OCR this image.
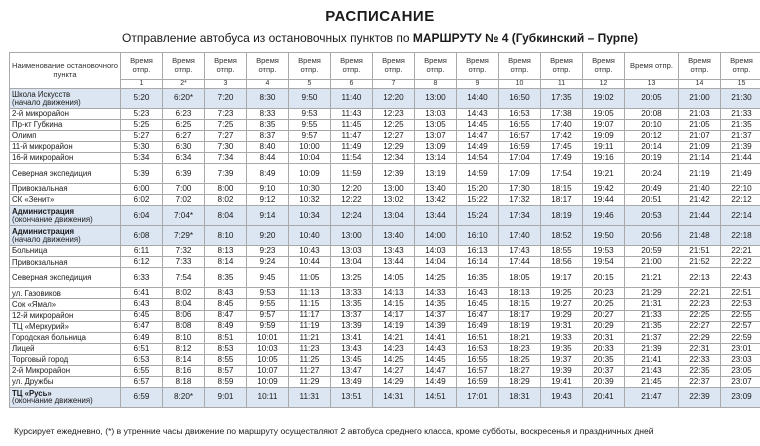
РАСПИСАНИЕ
Отправление автобуса из остановочных пунктов по МАРШРУТУ № 4 (Губкинский – Пурпе)
Наименование остановочного пункта	Время отпр.	Время отпр.	Время отпр.	Время отпр.	Время отпр.	Время отпр.	Время отпр.	Время отпр.	Время отпр.	Время отпр.	Время отпр.	Время отпр.	Время отпр.	Время отпр.	Время отпр.
	1	2*	3	4	5	6	7	8	9	10	11	12	13	14	15
Школа Искусств
(начало движения)	5:20	6:20*	7:20	8:30	9:50	11:40	12:20	13:00	14:40	16:50	17:35	19:02	20:05	21:00	21:30
2-й микрорайон	5:23	6:23	7:23	8:33	9:53	11:43	12:23	13:03	14:43	16:53	17:38	19:05	20:08	21:03	21:33
Пр-кт Губкина	5:25	6:25	7:25	8:35	9:55	11:45	12:25	13:05	14:45	16:55	17:40	19:07	20:10	21:05	21:35
Олимп	5:27	6:27	7:27	8:37	9:57	11:47	12:27	13:07	14:47	16:57	17:42	19:09	20:12	21:07	21:37
11-й микрорайон	5:30	6:30	7:30	8:40	10:00	11:49	12:29	13:09	14:49	16:59	17:45	19:11	20:14	21:09	21:39
16-й микрорайон	5:34	6:34	7:34	8:44	10:04	11:54	12:34	13:14	14:54	17:04	17:49	19:16	20:19	21:14	21:44
Северная экспедиция	5:39	6:39	7:39	8:49	10:09	11:59	12:39	13:19	14:59	17:09	17:54	19:21	20:24	21:19	21:49
Привокзальная	6:00	7:00	8:00	9:10	10:30	12:20	13:00	13:40	15:20	17:30	18:15	19:42	20:49	21:40	22:10
СК «Зенит»	6:02	7:02	8:02	9:12	10:32	12:22	13:02	13:42	15:22	17:32	18:17	19:44	20:51	21:42	22:12
Администрация
(окончание движения)	6:04	7:04*	8:04	9:14	10:34	12:24	13:04	13:44	15:24	17:34	18:19	19:46	20:53	21:44	22:14
Администрация
(начало движения)	6:08	7:29*	8:10	9:20	10:40	13:00	13:40	14:00	16:10	17:40	18:52	19:50	20:56	21:48	22:18
Больница	6:11	7:32	8:13	9:23	10:43	13:03	13:43	14:03	16:13	17:43	18:55	19:53	20:59	21:51	22:21
Привокзальная	6:12	7:33	8:14	9:24	10:44	13:04	13:44	14:04	16:14	17:44	18:56	19:54	21:00	21:52	22:22
Северная экспедиция	6:33	7:54	8:35	9:45	11:05	13:25	14:05	14:25	16:35	18:05	19:17	20:15	21:21	22:13	22:43
ул. Газовиков	6:41	8:02	8:43	9:53	11:13	13:33	14:13	14:33	16:43	18:13	19:25	20:23	21:29	22:21	22:51
Сок «Ямал»	6:43	8:04	8:45	9:55	11:15	13:35	14:15	14:35	16:45	18:15	19:27	20:25	21:31	22:23	22:53
12-й микрорайон	6:45	8:06	8:47	9:57	11:17	13:37	14:17	14:37	16:47	18:17	19:29	20:27	21:33	22:25	22:55
ТЦ «Меркурий»	6:47	8:08	8:49	9:59	11:19	13:39	14:19	14:39	16:49	18:19	19:31	20:29	21:35	22:27	22:57
Городская больница	6:49	8:10	8:51	10:01	11:21	13:41	14:21	14:41	16:51	18:21	19:33	20:31	21:37	22:29	22:59
Лицей	6:51	8:12	8:53	10:03	11:23	13:43	14:23	14:43	16:53	18:23	19:35	20:33	21:39	22:31	23:01
Торговый город	6:53	8:14	8:55	10:05	11:25	13:45	14:25	14:45	16:55	18:25	19:37	20:35	21:41	22:33	23:03
2-й Микрорайон	6:55	8:16	8:57	10:07	11:27	13:47	14:27	14:47	16:57	18:27	19:39	20:37	21:43	22:35	23:05
ул. Дружбы	6:57	8:18	8:59	10:09	11:29	13:49	14:29	14:49	16:59	18:29	19:41	20:39	21:45	22:37	23:07
ТЦ «Русь»
(окончание движения)	6:59	8:20*	9:01	10:11	11:31	13:51	14:31	14:51	17:01	18:31	19:43	20:41	21:47	22:39	23:09
Курсирует ежедневно, (*) в утренние часы движение по маршруту осуществляют 2 автобуса среднего класса, кроме субботы, воскресенья и праздничных дней
